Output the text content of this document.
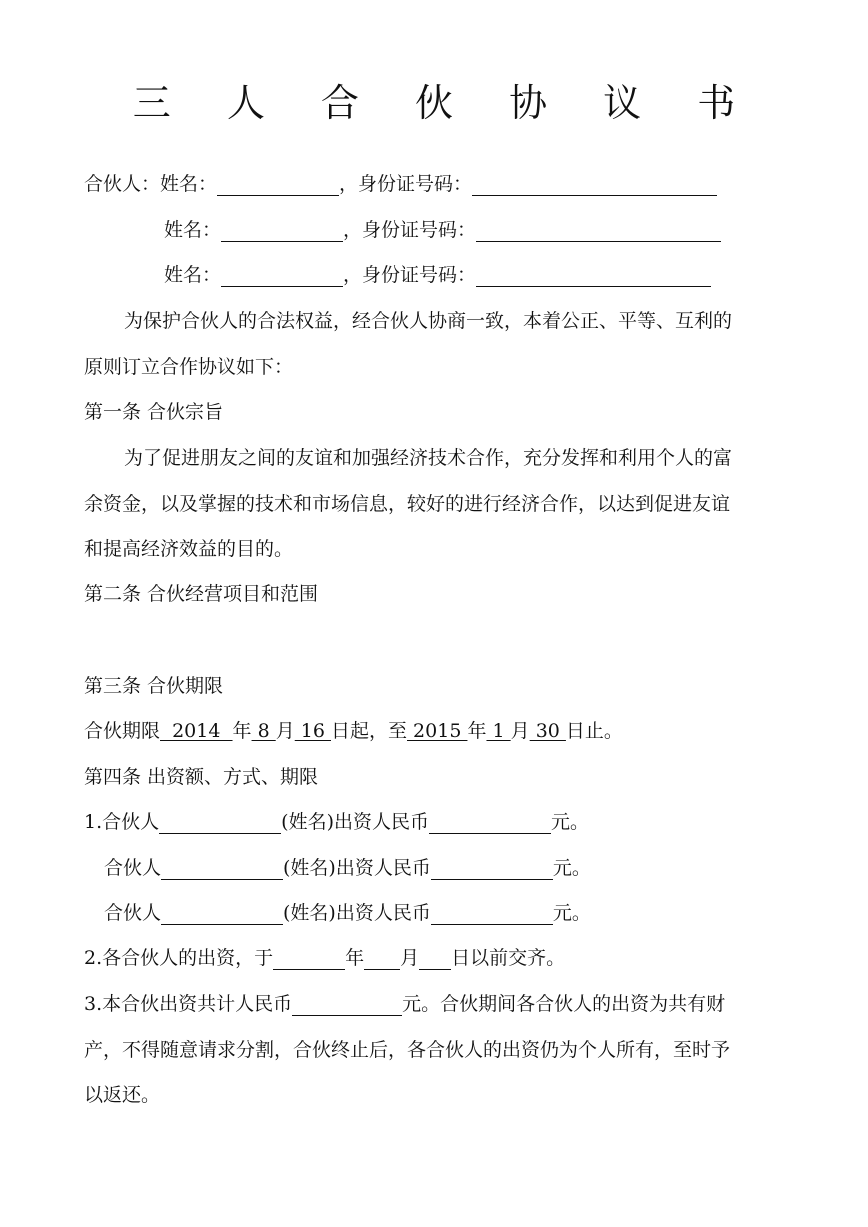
三 人 合 伙 协 议 书
合伙人：姓名：	，身份证号码：
姓名：	，身份证号码：
姓名：	，身份证号码：
为保护合伙人的合法权益，经合伙人协商一致，本着公正、平等、互利的
原则订立合作协议如下：
第一条 合伙宗旨
为了促进朋友之间的友谊和加强经济技术合作，充分发挥和利用个人的富
余资金，以及掌握的技术和市场信息，较好的进行经济合作，以达到促进友谊
和提高经济效益的目的。
第二条 合伙经营项目和范围
第三条 合伙期限
合伙期限  2014  年 8 月 16 日起，至 2015 年 1 月 30 日止。
第四条 出资额、方式、期限
1.合伙人	(姓名)出资人民币	元。
合伙人	(姓名)出资人民币	元。
合伙人	(姓名)出资人民币	元。
2.各合伙人的出资，于	年 月 日以前交齐。
3.本合伙出资共计人民币	元。合伙期间各合伙人的出资为共有财
产，不得随意请求分割，合伙终止后，各合伙人的出资仍为个人所有，至时予
以返还。
